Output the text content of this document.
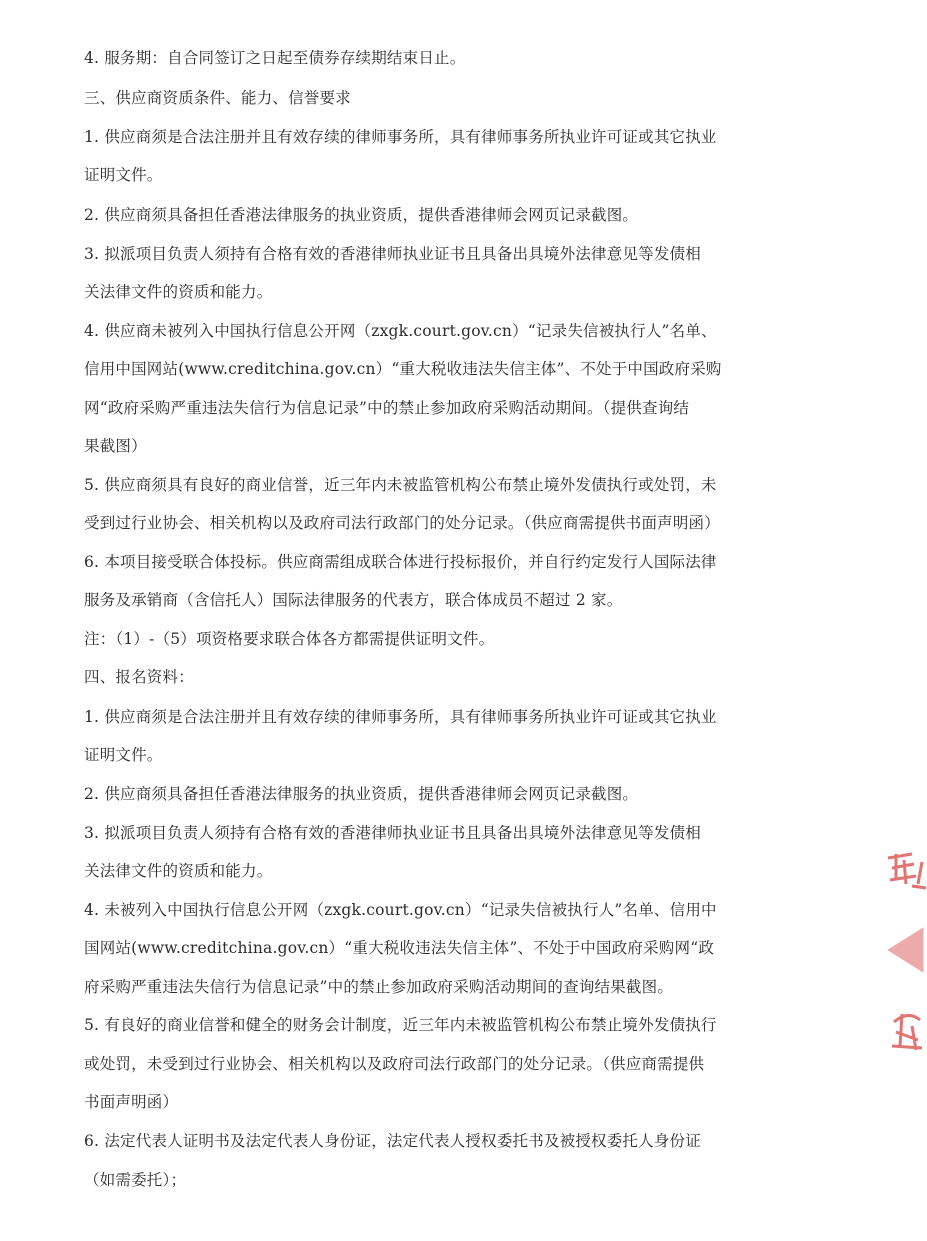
4. 服务期：自合同签订之日起至债券存续期结束日止。
三、供应商资质条件、能力、信誉要求
1. 供应商须是合法注册并且有效存续的律师事务所，具有律师事务所执业许可证或其它执业
证明文件。
2. 供应商须具备担任香港法律服务的执业资质，提供香港律师会网页记录截图。
3. 拟派项目负责人须持有合格有效的香港律师执业证书且具备出具境外法律意见等发债相
关法律文件的资质和能力。
4. 供应商未被列入中国执行信息公开网（zxgk.court.gov.cn）“记录失信被执行人”名单、
信用中国网站(www.creditchina.gov.cn）“重大税收违法失信主体”、不处于中国政府采购
网“政府采购严重违法失信行为信息记录”中的禁止参加政府采购活动期间。（提供查询结
果截图）
5. 供应商须具有良好的商业信誉，近三年内未被监管机构公布禁止境外发债执行或处罚，未
受到过行业协会、相关机构以及政府司法行政部门的处分记录。（供应商需提供书面声明函）
6. 本项目接受联合体投标。供应商需组成联合体进行投标报价，并自行约定发行人国际法律
服务及承销商（含信托人）国际法律服务的代表方，联合体成员不超过 2 家。
注：（1）-（5）项资格要求联合体各方都需提供证明文件。
四、报名资料：
1. 供应商须是合法注册并且有效存续的律师事务所，具有律师事务所执业许可证或其它执业
证明文件。
2. 供应商须具备担任香港法律服务的执业资质，提供香港律师会网页记录截图。
3. 拟派项目负责人须持有合格有效的香港律师执业证书且具备出具境外法律意见等发债相
关法律文件的资质和能力。
4. 未被列入中国执行信息公开网（zxgk.court.gov.cn）“记录失信被执行人”名单、信用中
国网站(www.creditchina.gov.cn）“重大税收违法失信主体”、不处于中国政府采购网“政
府采购严重违法失信行为信息记录”中的禁止参加政府采购活动期间的查询结果截图。
5. 有良好的商业信誉和健全的财务会计制度，近三年内未被监管机构公布禁止境外发债执行
或处罚，未受到过行业协会、相关机构以及政府司法行政部门的处分记录。（供应商需提供
书面声明函）
6. 法定代表人证明书及法定代表人身份证，法定代表人授权委托书及被授权委托人身份证
（如需委托）；
